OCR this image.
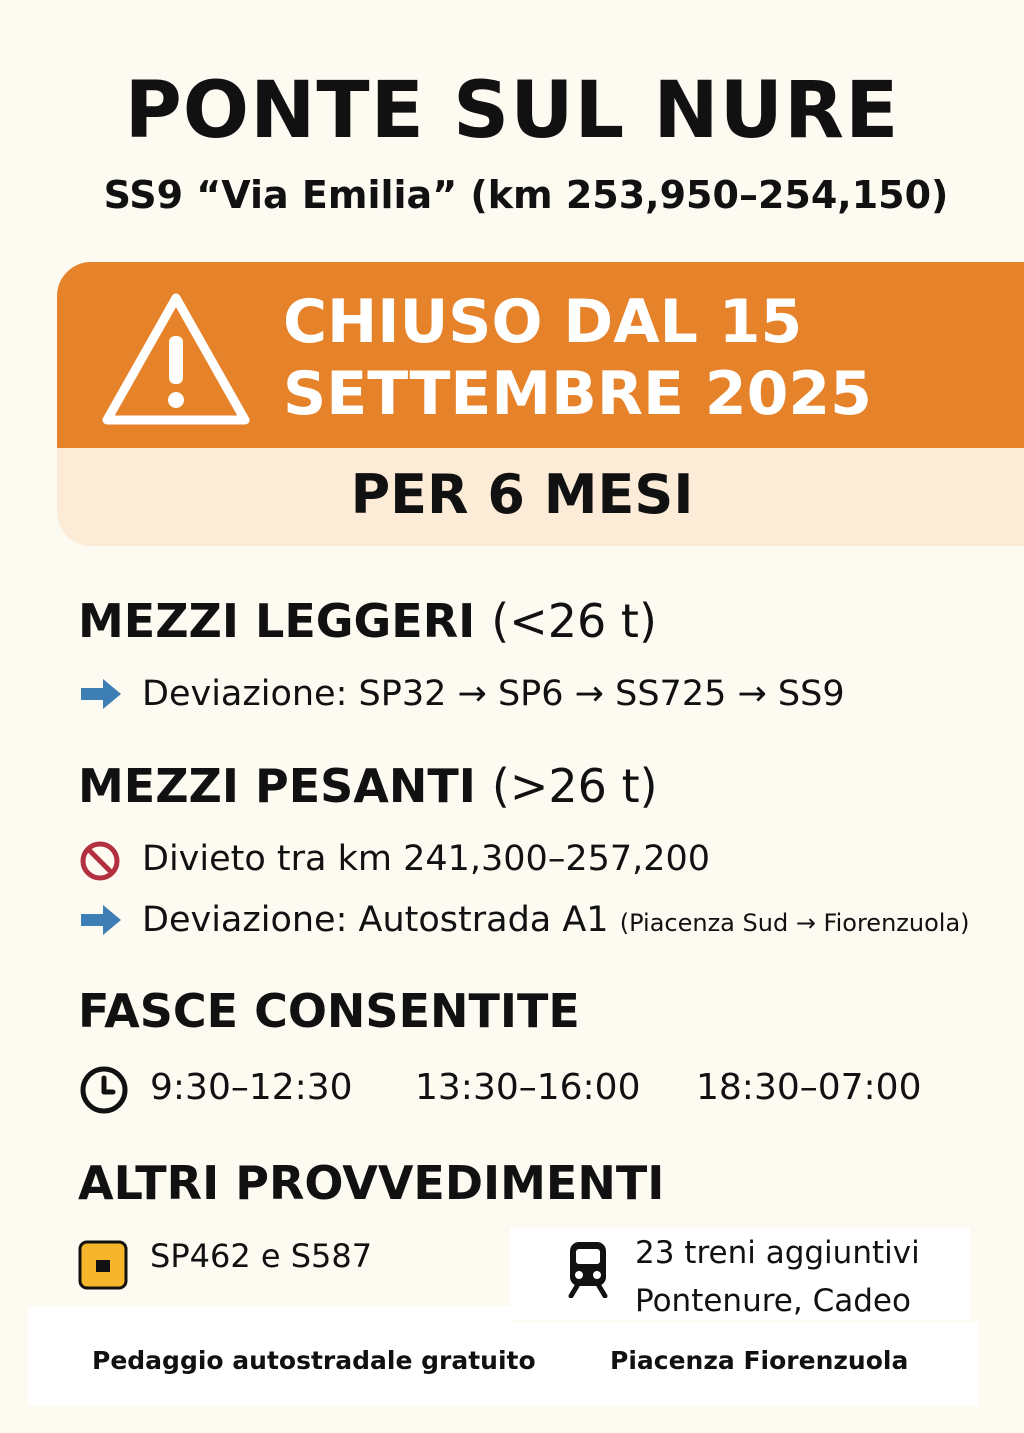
PONTE SUL NURE
SS9 “Via Emilia” (km 253,950–254,150)
CHIUSO DAL 15
SETTEMBRE 2025
PER 6 MESI
MEZZI LEGGERI (<26 t)
Deviazione: SP32 → SP6 → SS725 → SS9
MEZZI PESANTI (>26 t)
Divieto tra km 241,300–257,200
Deviazione: Autostrada A1 (Piacenza Sud → Fiorenzuola)
FASCE CONSENTITE
9:30–12:30 13:30–16:00 18:30–07:00
ALTRI PROVVEDIMENTI
SP462 e S587	23 treni aggiuntivi
Pontenure, Cadeo
Pedaggio autostradale gratuito	Piacenza Fiorenzuola
